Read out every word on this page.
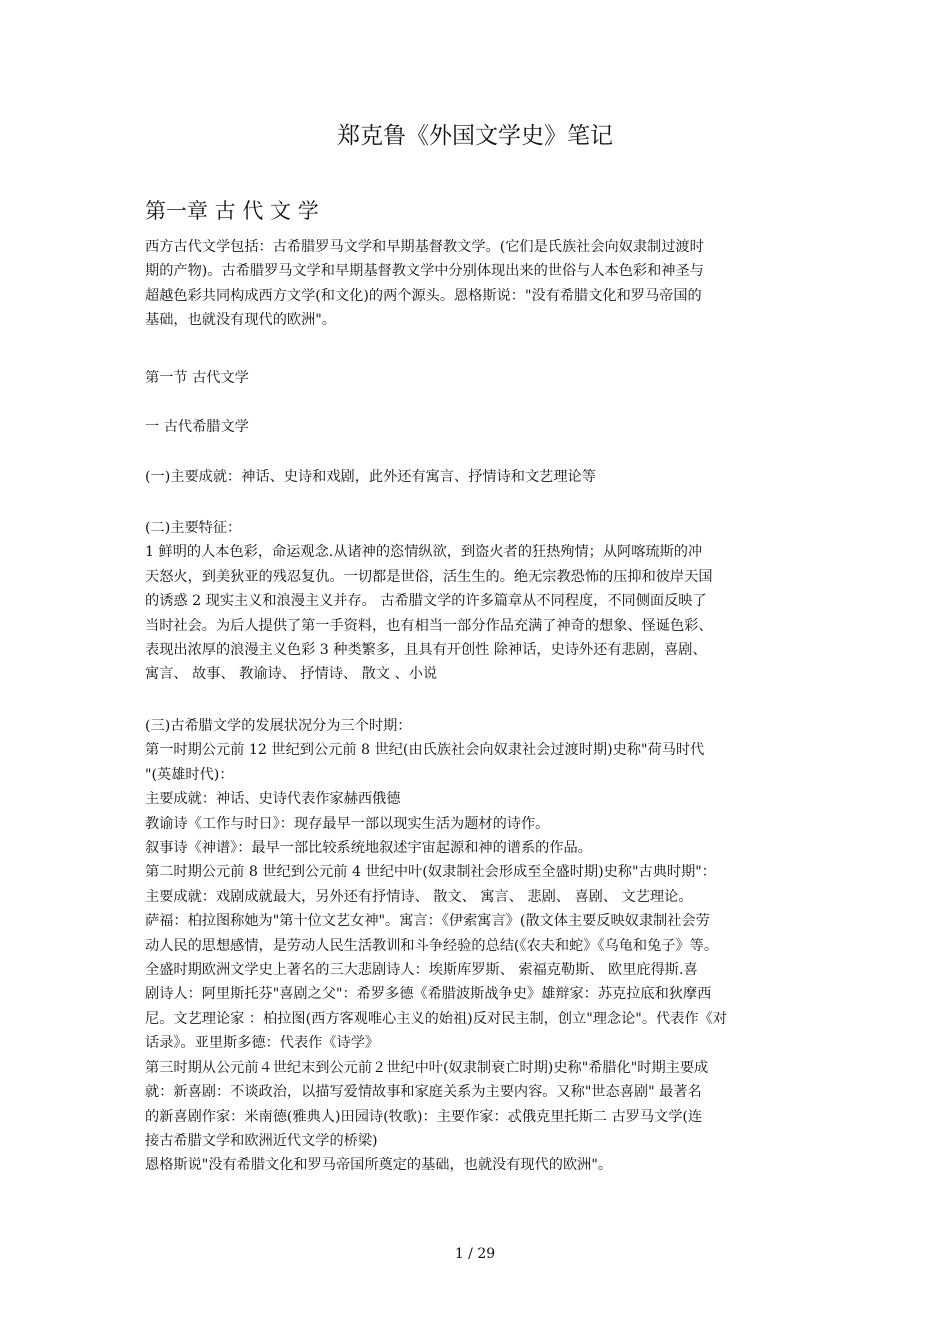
郑克鲁《外国文学史》笔记
第一章 古 代 文 学
西方古代文学包括：古希腊罗马文学和早期基督教文学。(它们是氏族社会向奴隶制过渡时
期的产物)。古希腊罗马文学和早期基督教文学中分别体现出来的世俗与人本色彩和神圣与
超越色彩共同构成西方文学(和文化)的两个源头。恩格斯说："没有希腊文化和罗马帝国的
基础，也就没有现代的欧洲"。
第一节 古代文学
一 古代希腊文学
(一)主要成就：神话、史诗和戏剧，此外还有寓言、抒情诗和文艺理论等
(二)主要特征：
1 鲜明的人本色彩，命运观念.从诸神的恣情纵欲，到盗火者的狂热殉情；从阿喀琉斯的冲
天怒火，到美狄亚的残忍复仇。一切都是世俗，活生生的。绝无宗教恐怖的压抑和彼岸天国
的诱惑 2 现实主义和浪漫主义并存。 古希腊文学的许多篇章从不同程度，不同侧面反映了
当时社会。为后人提供了第一手资料，也有相当一部分作品充满了神奇的想象、怪诞色彩、
表现出浓厚的浪漫主义色彩 3 种类繁多，且具有开创性 除神话，史诗外还有悲剧，喜剧、
寓言、 故事、 教谕诗、 抒情诗、 散文 、小说
(三)古希腊文学的发展状况分为三个时期：
第一时期公元前 12 世纪到公元前 8 世纪(由氏族社会向奴隶社会过渡时期)史称"荷马时代
"(英雄时代)：
主要成就：神话、史诗代表作家赫西俄德
教谕诗《工作与时日》：现存最早一部以现实生活为题材的诗作。
叙事诗《神谱》：最早一部比较系统地叙述宇宙起源和神的谱系的作品。
第二时期公元前 8 世纪到公元前 4 世纪中叶(奴隶制社会形成至全盛时期)史称"古典时期"：
主要成就：戏剧成就最大，另外还有抒情诗、 散文、 寓言、 悲剧、 喜剧、 文艺理论。
萨福：柏拉图称她为"第十位文艺女神"。寓言：《伊索寓言》(散文体主要反映奴隶制社会劳
动人民的思想感情，是劳动人民生活教训和斗争经验的总结(《农夫和蛇》《乌龟和兔子》等。
全盛时期欧洲文学史上著名的三大悲剧诗人：埃斯库罗斯、 索福克勒斯、 欧里庇得斯.喜
剧诗人：阿里斯托芬"喜剧之父"：希罗多德《希腊波斯战争史》雄辩家：苏克拉底和狄摩西
尼。文艺理论家 ：柏拉图(西方客观唯心主义的始祖)反对民主制，创立"理念论"。代表作《对
话录》。亚里斯多德：代表作《诗学》
第三时期从公元前４世纪末到公元前２世纪中叶(奴隶制衰亡时期)史称"希腊化"时期主要成
就：新喜剧：不谈政治，以描写爱情故事和家庭关系为主要内容。又称"世态喜剧" 最著名
的新喜剧作家：米南德(雅典人)田园诗(牧歌)：主要作家：忒俄克里托斯二 古罗马文学(连
接古希腊文学和欧洲近代文学的桥梁)
恩格斯说"没有希腊文化和罗马帝国所奠定的基础，也就没有现代的欧洲"。
1 / 29
